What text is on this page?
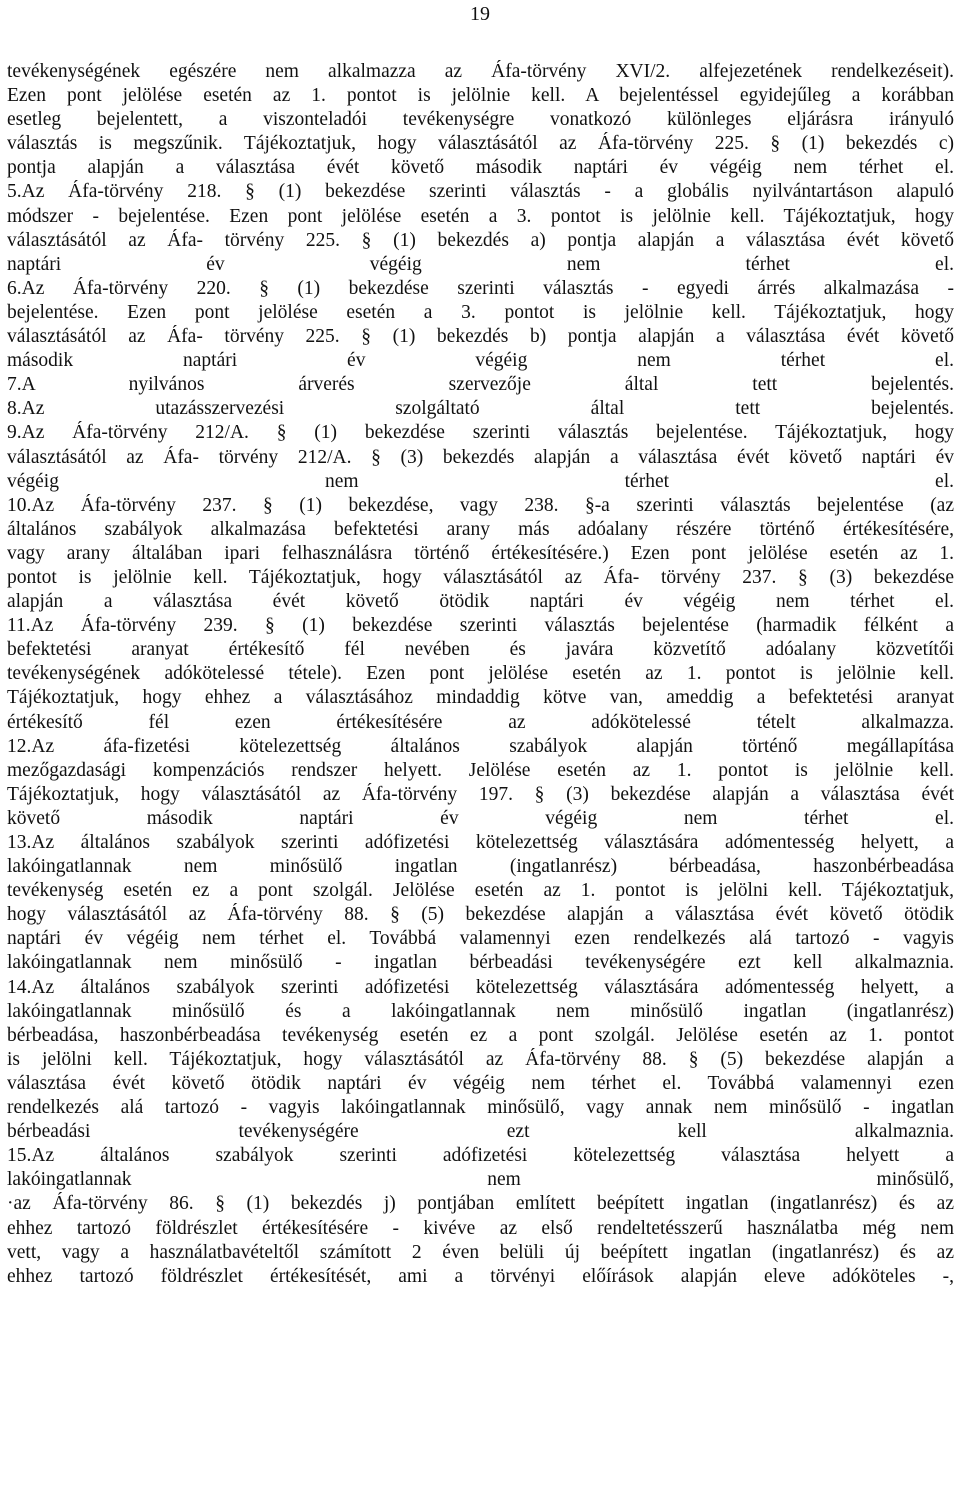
19
tevékenységének egészére nem alkalmazza az Áfa-törvény XVI/2. alfejezetének rendelkezéseit).
Ezen pont jelölése esetén az 1. pontot is jelölnie kell. A bejelentéssel egyidejűleg a korábban
esetleg bejelentett, a viszonteladói tevékenységre vonatkozó különleges eljárásra irányuló
választás is megszűnik. Tájékoztatjuk, hogy választásától az Áfa-törvény 225. § (1) bekezdés c)
pontja alapján a választása évét követő második naptári év végéig nem térhet el.
5.Az Áfa-törvény 218. § (1) bekezdése szerinti választás - a globális nyilvántartáson alapuló
módszer - bejelentése. Ezen pont jelölése esetén a 3. pontot is jelölnie kell. Tájékoztatjuk, hogy
választásától az Áfa- törvény 225. § (1) bekezdés a) pontja alapján a választása évét követő
naptári év végéig nem térhet el.
6.Az Áfa-törvény 220. § (1) bekezdése szerinti választás - egyedi árrés alkalmazása -
bejelentése. Ezen pont jelölése esetén a 3. pontot is jelölnie kell. Tájékoztatjuk, hogy
választásától az Áfa- törvény 225. § (1) bekezdés b) pontja alapján a választása évét követő
második naptári év végéig nem térhet el.
7.A nyilvános árverés szervezője által tett bejelentés.
8.Az utazásszervezési szolgáltató által tett bejelentés.
9.Az Áfa-törvény 212/A. § (1) bekezdése szerinti választás bejelentése. Tájékoztatjuk, hogy
választásától az Áfa- törvény 212/A. § (3) bekezdés alapján a választása évét követő naptári év
végéig nem térhet el.
10.Az Áfa-törvény 237. § (1) bekezdése, vagy 238. §-a szerinti választás bejelentése (az
általános szabályok alkalmazása befektetési arany más adóalany részére történő értékesítésére,
vagy arany általában ipari felhasználásra történő értékesítésére.) Ezen pont jelölése esetén az 1.
pontot is jelölnie kell. Tájékoztatjuk, hogy választásától az Áfa- törvény 237. § (3) bekezdése
alapján a választása évét követő ötödik naptári év végéig nem térhet el.
11.Az Áfa-törvény 239. § (1) bekezdése szerinti választás bejelentése (harmadik félként a
befektetési aranyat értékesítő fél nevében és javára közvetítő adóalany közvetítői
tevékenységének adókötelessé tétele). Ezen pont jelölése esetén az 1. pontot is jelölnie kell.
Tájékoztatjuk, hogy ehhez a választásához mindaddig kötve van, ameddig a befektetési aranyat
értékesítő fél ezen értékesítésére az adókötelessé tételt alkalmazza.
12.Az áfa-fizetési kötelezettség általános szabályok alapján történő megállapítása
mezőgazdasági kompenzációs rendszer helyett. Jelölése esetén az 1. pontot is jelölnie kell.
Tájékoztatjuk, hogy választásától az Áfa-törvény 197. § (3) bekezdése alapján a választása évét
követő második naptári év végéig nem térhet el.
13.Az általános szabályok szerinti adófizetési kötelezettség választására adómentesség helyett, a
lakóingatlannak nem minősülő ingatlan (ingatlanrész) bérbeadása, haszonbérbeadása
tevékenység esetén ez a pont szolgál. Jelölése esetén az 1. pontot is jelölni kell. Tájékoztatjuk,
hogy választásától az Áfa-törvény 88. § (5) bekezdése alapján a választása évét követő ötödik
naptári év végéig nem térhet el. Továbbá valamennyi ezen rendelkezés alá tartozó - vagyis
lakóingatlannak nem minősülő - ingatlan bérbeadási tevékenységére ezt kell alkalmaznia.
14.Az általános szabályok szerinti adófizetési kötelezettség választására adómentesség helyett, a
lakóingatlannak minősülő és a lakóingatlannak nem minősülő ingatlan (ingatlanrész)
bérbeadása, haszonbérbeadása tevékenység esetén ez a pont szolgál. Jelölése esetén az 1. pontot
is jelölni kell. Tájékoztatjuk, hogy választásától az Áfa-törvény 88. § (5) bekezdése alapján a
választása évét követő ötödik naptári év végéig nem térhet el. Továbbá valamennyi ezen
rendelkezés alá tartozó - vagyis lakóingatlannak minősülő, vagy annak nem minősülő - ingatlan
bérbeadási tevékenységére ezt kell alkalmaznia.
15.Az általános szabályok szerinti adófizetési kötelezettség választása helyett a
lakóingatlannak nem minősülő,
·az Áfa-törvény 86. § (1) bekezdés j) pontjában említett beépített ingatlan (ingatlanrész) és az
ehhez tartozó földrészlet értékesítésére - kivéve az első rendeltetésszerű használatba még nem
vett, vagy a használatbavételtől számított 2 éven belüli új beépített ingatlan (ingatlanrész) és az
ehhez tartozó földrészlet értékesítését, ami a törvényi előírások alapján eleve adóköteles -,
